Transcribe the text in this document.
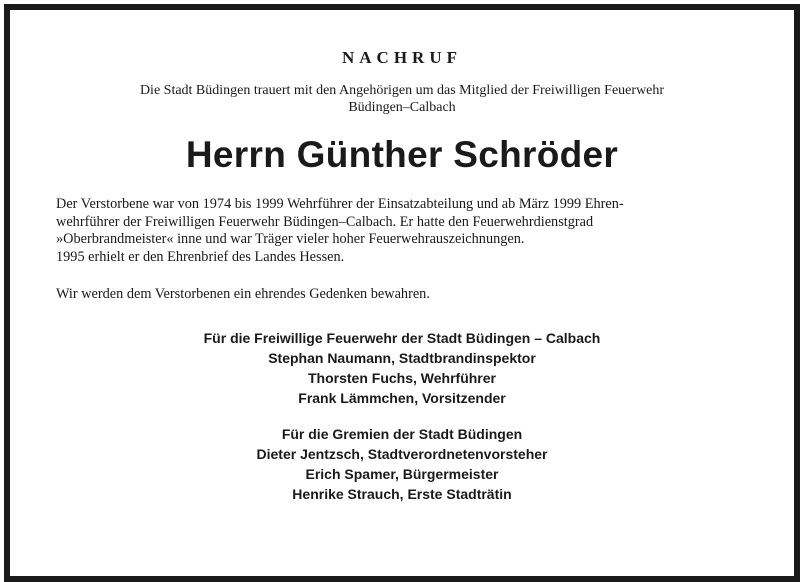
NACHRUF
Die Stadt Büdingen trauert mit den Angehörigen um das Mitglied der Freiwilligen Feuerwehr
Büdingen–Calbach
Herrn Günther Schröder
Der Verstorbene war von 1974 bis 1999 Wehrführer der Einsatzabteilung und ab März 1999 Ehren-
wehrführer der Freiwilligen Feuerwehr Büdingen–Calbach. Er hatte den Feuerwehrdienstgrad
»Oberbrandmeister« inne und war Träger vieler hoher Feuerwehrauszeichnungen.
1995 erhielt er den Ehrenbrief des Landes Hessen.
Wir werden dem Verstorbenen ein ehrendes Gedenken bewahren.
Für die Freiwillige Feuerwehr der Stadt Büdingen – Calbach
Stephan Naumann, Stadtbrandinspektor
Thorsten Fuchs, Wehrführer
Frank Lämmchen, Vorsitzender
Für die Gremien der Stadt Büdingen
Dieter Jentzsch, Stadtverordnetenvorsteher
Erich Spamer, Bürgermeister
Henrike Strauch, Erste Stadträtin
